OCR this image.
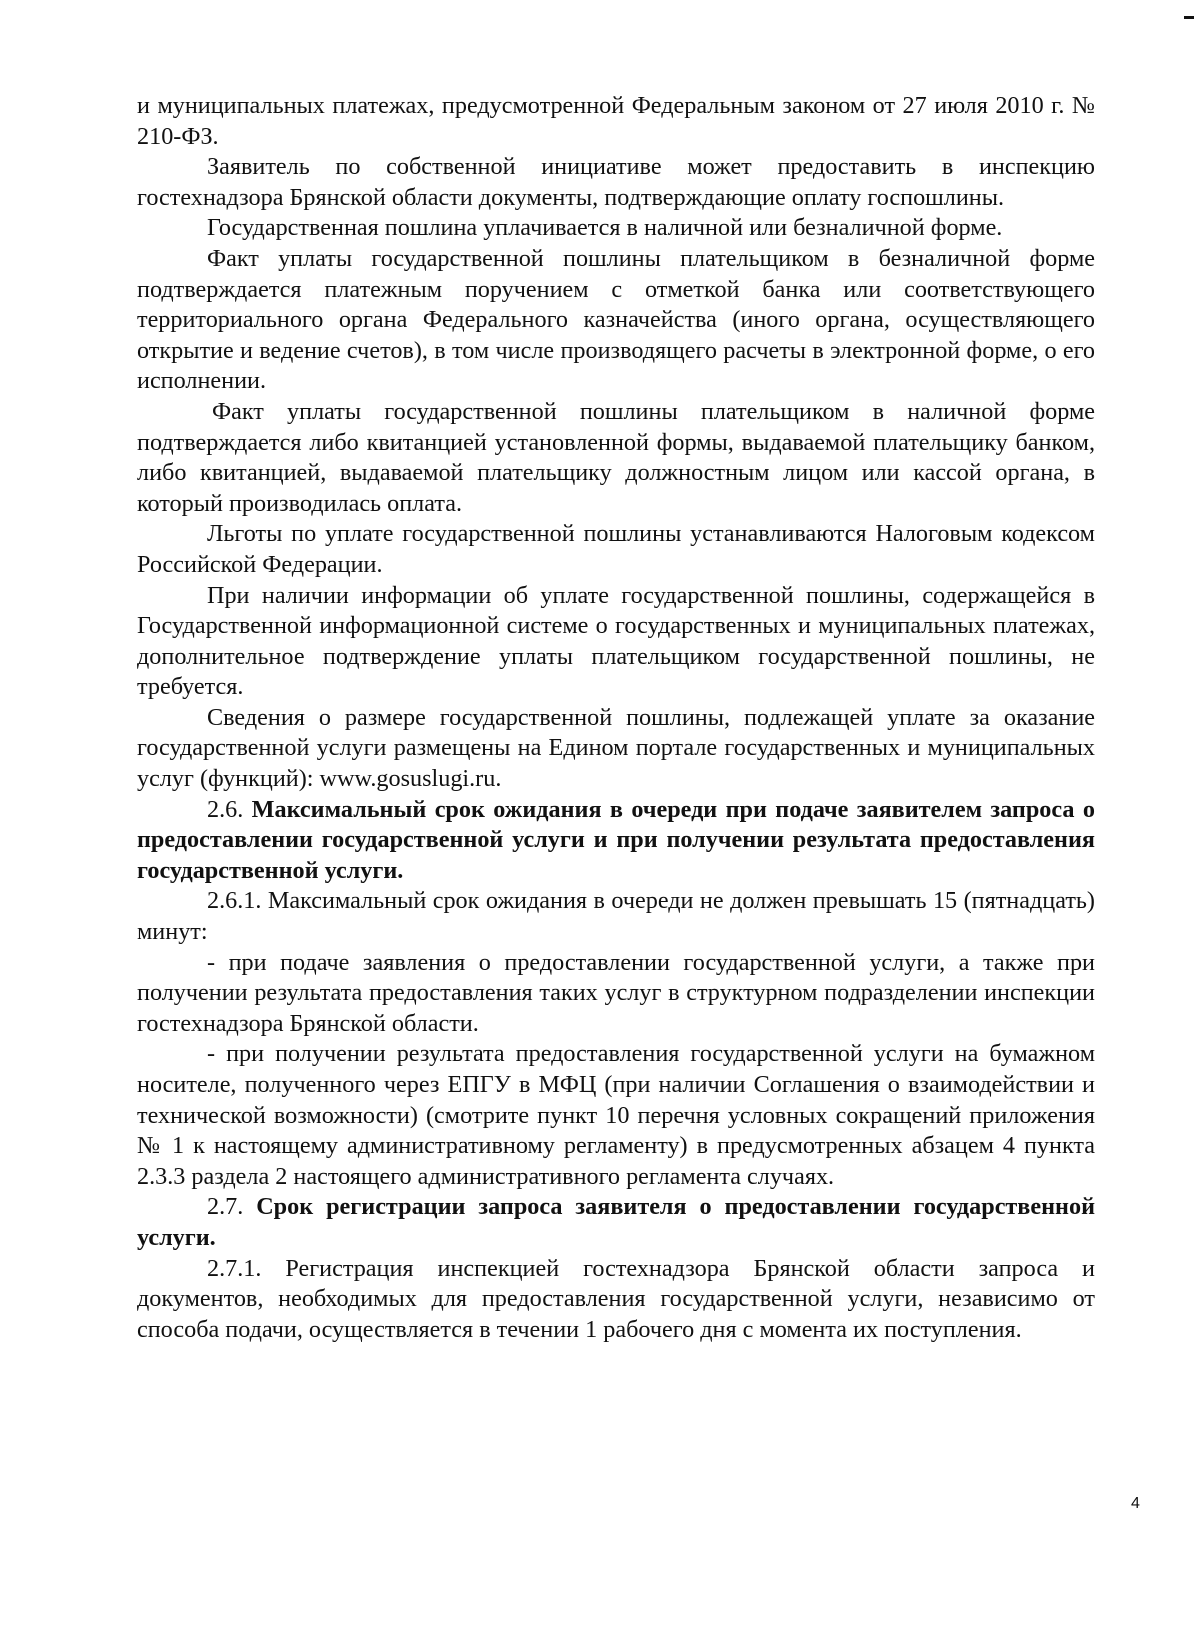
и муниципальных платежах, предусмотренной Федеральным законом от 27 июля 2010 г. № 210-ФЗ.

Заявитель по собственной инициативе может предоставить в инспекцию гостехнадзора Брянской области документы, подтверждающие оплату госпошлины.

Государственная пошлина уплачивается в наличной или безналичной форме.

Факт уплаты государственной пошлины плательщиком в безналичной форме подтверждается платежным поручением с отметкой банка или соответствующего территориального органа Федерального казначейства (иного органа, осуществляющего открытие и ведение счетов), в том числе производящего расчеты в электронной форме, о его исполнении.

Факт уплаты государственной пошлины плательщиком в наличной форме подтверждается либо квитанцией установленной формы, выдаваемой плательщику банком, либо квитанцией, выдаваемой плательщику должностным лицом или кассой органа, в который производилась оплата.

Льготы по уплате государственной пошлины устанавливаются Налоговым кодексом Российской Федерации.

При наличии информации об уплате государственной пошлины, содержащейся в Государственной информационной системе о государственных и муниципальных платежах, дополнительное подтверждение уплаты плательщиком государственной пошлины, не требуется.

Сведения о размере государственной пошлины, подлежащей уплате за оказание государственной услуги размещены на Едином портале государственных и муниципальных услуг (функций): www.gosuslugi.ru.

2.6. Максимальный срок ожидания в очереди при подаче заявителем запроса о предоставлении государственной услуги и при получении результата предоставления государственной услуги.

2.6.1. Максимальный срок ожидания в очереди не должен превышать 15 (пятнадцать) минут:

- при подаче заявления о предоставлении государственной услуги, а также при получении результата предоставления таких услуг в структурном подразделении инспекции гостехнадзора Брянской области.

- при получении результата предоставления государственной услуги на бумажном носителе, полученного через ЕПГУ в МФЦ (при наличии Соглашения о взаимодействии и технической возможности) (смотрите пункт 10 перечня условных сокращений приложения № 1 к настоящему административному регламенту) в предусмотренных абзацем 4 пункта 2.3.3 раздела 2 настоящего административного регламента случаях.

2.7. Срок регистрации запроса заявителя о предоставлении государственной услуги.

2.7.1. Регистрация инспекцией гостехнадзора Брянской области запроса и документов, необходимых для предоставления государственной услуги, независимо от способа подачи, осуществляется в течении 1 рабочего дня с момента их поступления.

4
